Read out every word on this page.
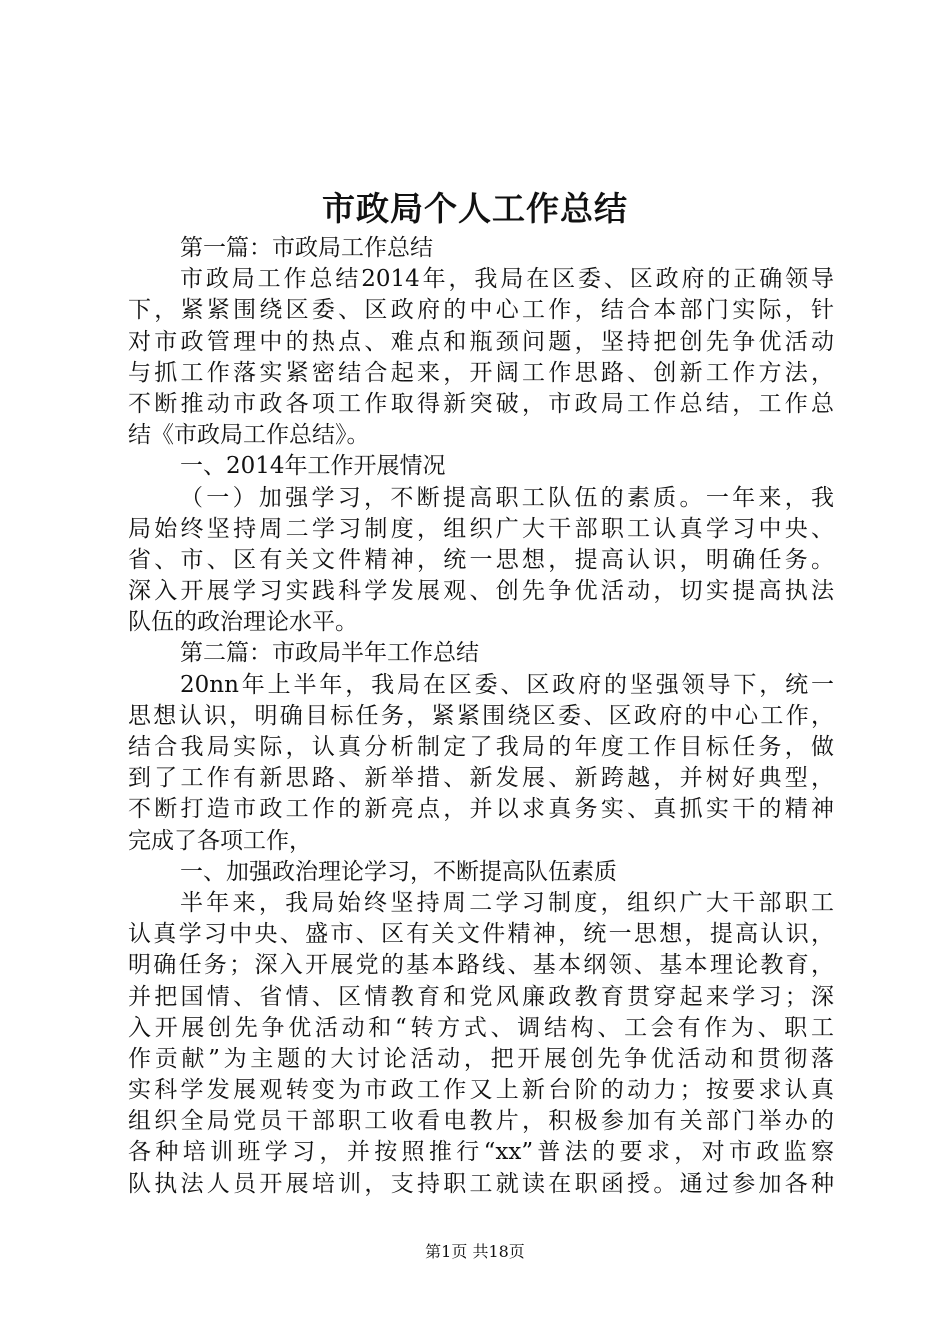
市政局个人工作总结
第一篇：市政局工作总结
市政局工作总结2014年，我局在区委、区政府的正确领导
下，紧紧围绕区委、区政府的中心工作，结合本部门实际，针
对市政管理中的热点、难点和瓶颈问题，坚持把创先争优活动
与抓工作落实紧密结合起来，开阔工作思路、创新工作方法，
不断推动市政各项工作取得新突破，市政局工作总结，工作总
结《市政局工作总结》。
一、2014年工作开展情况
（一）加强学习，不断提高职工队伍的素质。一年来，我
局始终坚持周二学习制度，组织广大干部职工认真学习中央、
省、市、区有关文件精神，统一思想，提高认识，明确任务。
深入开展学习实践科学发展观、创先争优活动，切实提高执法
队伍的政治理论水平。
第二篇：市政局半年工作总结
20nn年上半年，我局在区委、区政府的坚强领导下，统一
思想认识，明确目标任务，紧紧围绕区委、区政府的中心工作，
结合我局实际，认真分析制定了我局的年度工作目标任务，做
到了工作有新思路、新举措、新发展、新跨越，并树好典型，
不断打造市政工作的新亮点，并以求真务实、真抓实干的精神
完成了各项工作，
一、加强政治理论学习，不断提高队伍素质
半年来，我局始终坚持周二学习制度，组织广大干部职工
认真学习中央、盛市、区有关文件精神，统一思想，提高认识，
明确任务；深入开展党的基本路线、基本纲领、基本理论教育，
并把国情、省情、区情教育和党风廉政教育贯穿起来学习；深
入开展创先争优活动和“转方式、调结构、工会有作为、职工
作贡献”为主题的大讨论活动，把开展创先争优活动和贯彻落
实科学发展观转变为市政工作又上新台阶的动力；按要求认真
组织全局党员干部职工收看电教片，积极参加有关部门举办的
各种培训班学习，并按照推行“xx”普法的要求，对市政监察
队执法人员开展培训，支持职工就读在职函授。通过参加各种
第1页 共18页
